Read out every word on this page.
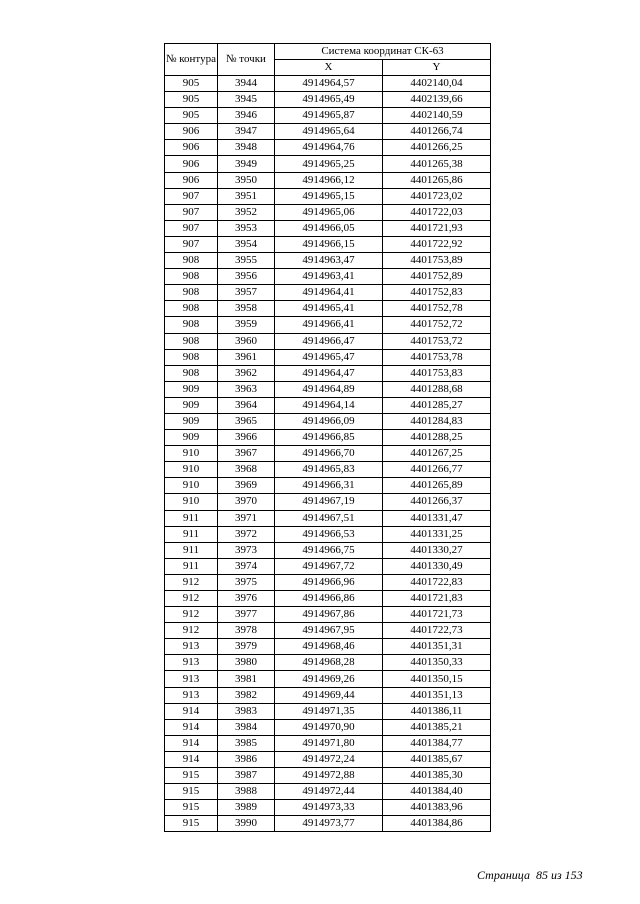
№ контура	№ точки	Система координат СК-63	
		X	Y
905	3944	4914964,57	4402140,04
905	3945	4914965,49	4402139,66
905	3946	4914965,87	4402140,59
906	3947	4914965,64	4401266,74
906	3948	4914964,76	4401266,25
906	3949	4914965,25	4401265,38
906	3950	4914966,12	4401265,86
907	3951	4914965,15	4401723,02
907	3952	4914965,06	4401722,03
907	3953	4914966,05	4401721,93
907	3954	4914966,15	4401722,92
908	3955	4914963,47	4401753,89
908	3956	4914963,41	4401752,89
908	3957	4914964,41	4401752,83
908	3958	4914965,41	4401752,78
908	3959	4914966,41	4401752,72
908	3960	4914966,47	4401753,72
908	3961	4914965,47	4401753,78
908	3962	4914964,47	4401753,83
909	3963	4914964,89	4401288,68
909	3964	4914964,14	4401285,27
909	3965	4914966,09	4401284,83
909	3966	4914966,85	4401288,25
910	3967	4914966,70	4401267,25
910	3968	4914965,83	4401266,77
910	3969	4914966,31	4401265,89
910	3970	4914967,19	4401266,37
911	3971	4914967,51	4401331,47
911	3972	4914966,53	4401331,25
911	3973	4914966,75	4401330,27
911	3974	4914967,72	4401330,49
912	3975	4914966,96	4401722,83
912	3976	4914966,86	4401721,83
912	3977	4914967,86	4401721,73
912	3978	4914967,95	4401722,73
913	3979	4914968,46	4401351,31
913	3980	4914968,28	4401350,33
913	3981	4914969,26	4401350,15
913	3982	4914969,44	4401351,13
914	3983	4914971,35	4401386,11
914	3984	4914970,90	4401385,21
914	3985	4914971,80	4401384,77
914	3986	4914972,24	4401385,67
915	3987	4914972,88	4401385,30
915	3988	4914972,44	4401384,40
915	3989	4914973,33	4401383,96
915	3990	4914973,77	4401384,86
Страница 85 из 153
